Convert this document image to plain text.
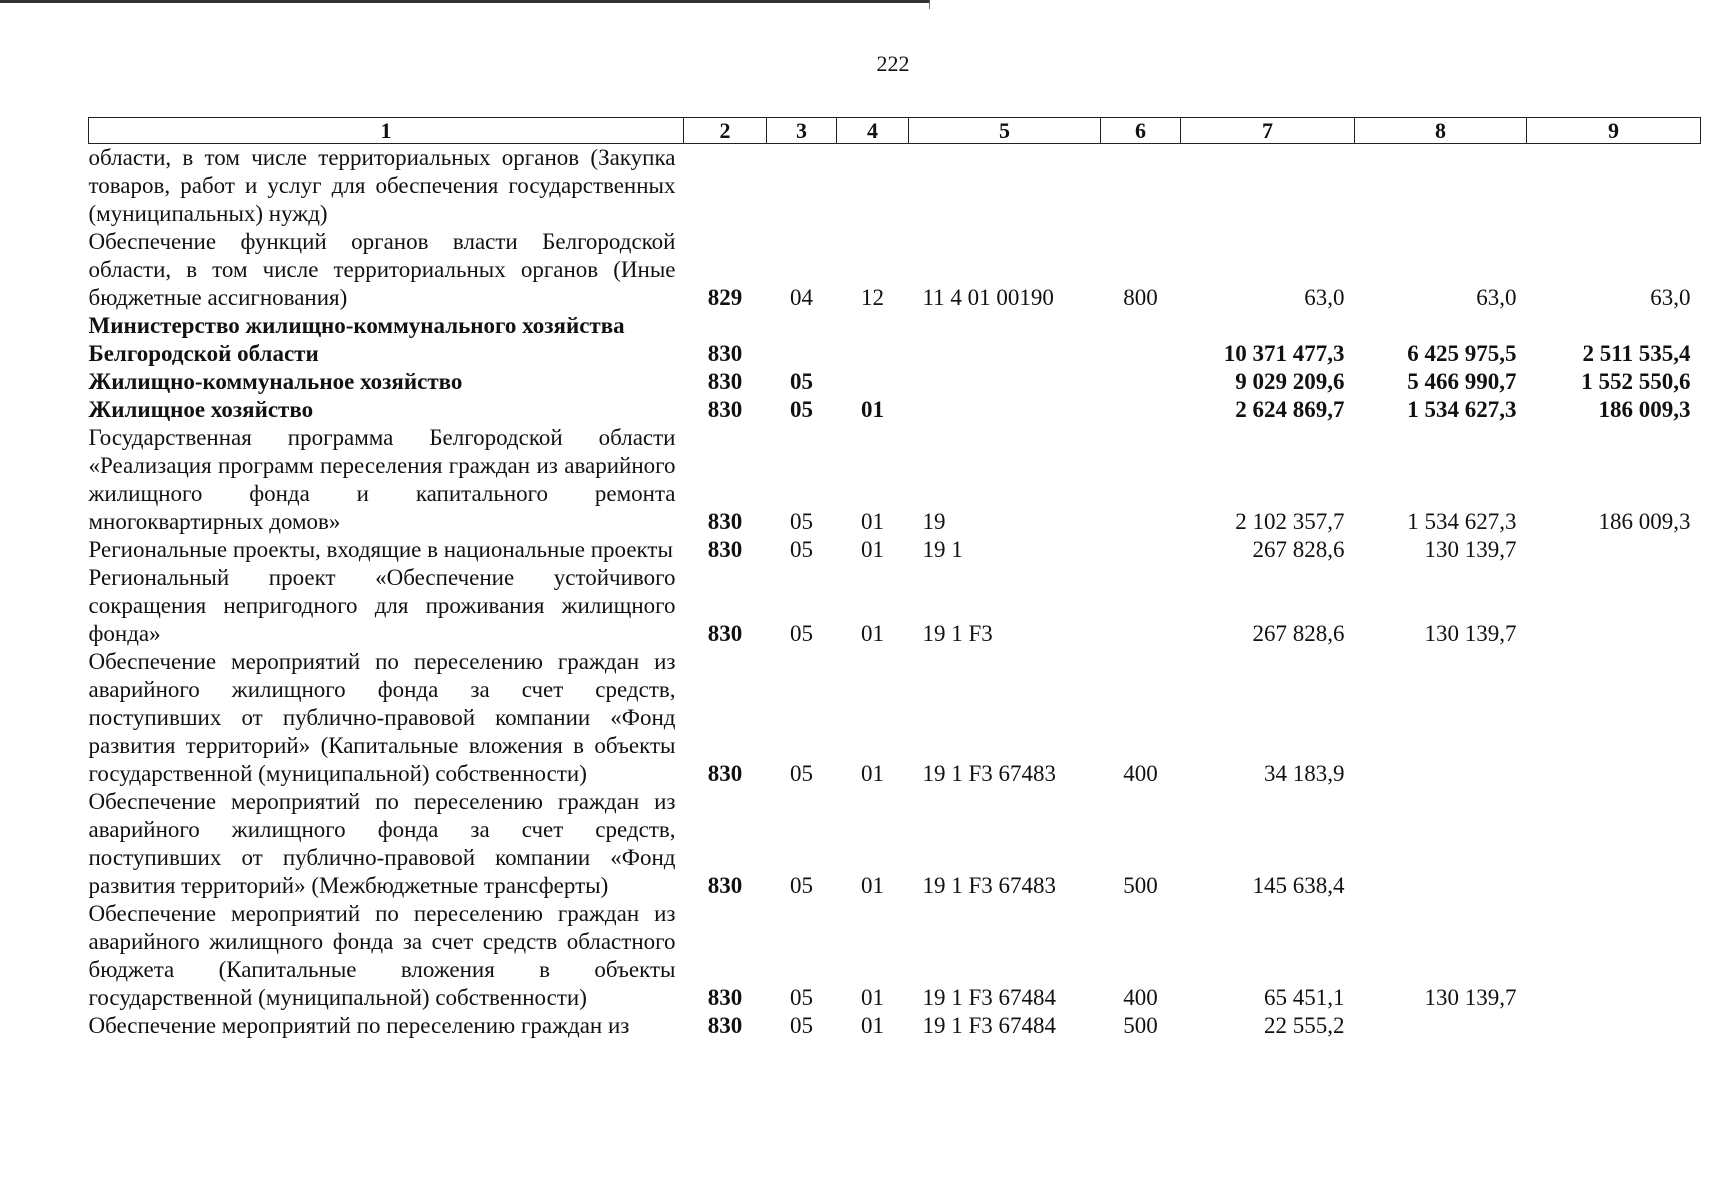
222
1	2	3	4	5	6	7	8	9
области, в том числе территориальных органов (Закупка товаров, работ и услуг для обеспечения государственных (муниципальных) нужд)								
Обеспечение функций органов власти Белгородской области, в том числе территориальных органов (Иные бюджетные ассигнования)	829	04	12	11 4 01 00190	800	63,0	63,0	63,0
Министерство жилищно-коммунального хозяйства Белгородской области	830					10 371 477,3	6 425 975,5	2 511 535,4
Жилищно-коммунальное хозяйство	830	05				9 029 209,6	5 466 990,7	1 552 550,6
Жилищное хозяйство	830	05	01			2 624 869,7	1 534 627,3	186 009,3
Государственная программа Белгородской области «Реализация программ переселения граждан из аварийного жилищного фонда и капитального ремонта многоквартирных домов»	830	05	01	19		2 102 357,7	1 534 627,3	186 009,3
Региональные проекты, входящие в национальные проекты	830	05	01	19 1		267 828,6	130 139,7	
Региональный проект «Обеспечение устойчивого сокращения непригодного для проживания жилищного фонда»	830	05	01	19 1 F3		267 828,6	130 139,7	
Обеспечение мероприятий по переселению граждан из аварийного жилищного фонда за счет средств, поступивших от публично-правовой компании «Фонд развития территорий» (Капитальные вложения в объекты государственной (муниципальной) собственности)	830	05	01	19 1 F3 67483	400	34 183,9		
Обеспечение мероприятий по переселению граждан из аварийного жилищного фонда за счет средств, поступивших от публично-правовой компании «Фонд развития территорий» (Межбюджетные трансферты)	830	05	01	19 1 F3 67483	500	145 638,4		
Обеспечение мероприятий по переселению граждан из аварийного жилищного фонда за счет средств областного бюджета (Капитальные вложения в объекты государственной (муниципальной) собственности)	830	05	01	19 1 F3 67484	400	65 451,1	130 139,7	
Обеспечение мероприятий по переселению граждан из	830	05	01	19 1 F3 67484	500	22 555,2		
